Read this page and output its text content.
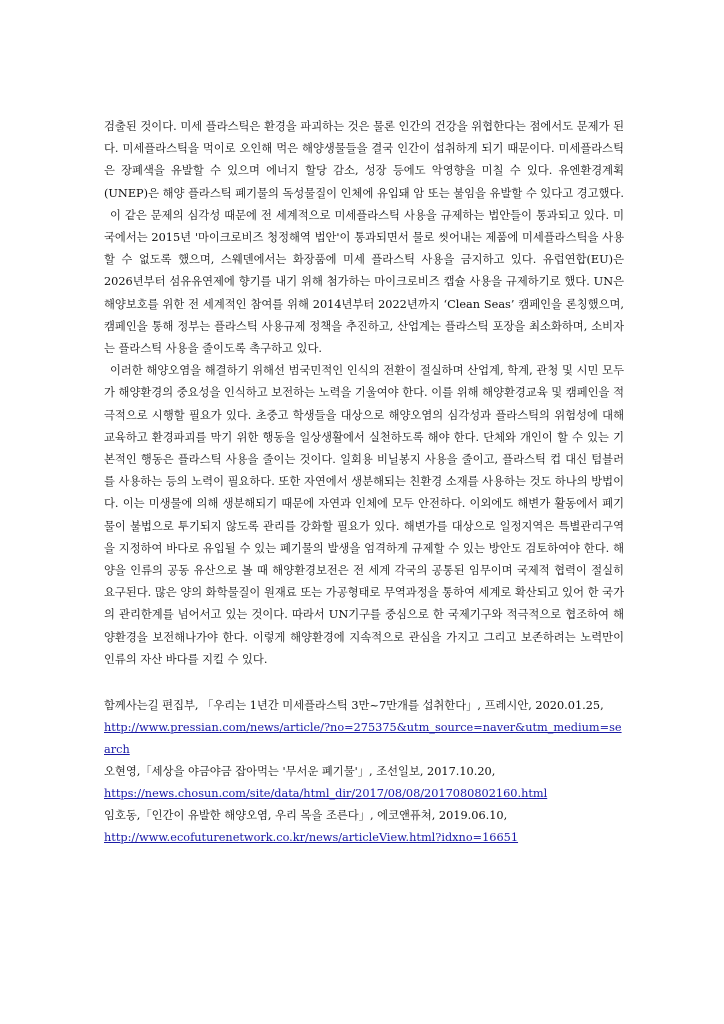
검출된 것이다. 미세 플라스틱은 환경을 파괴하는 것은 물론 인간의 건강을 위협한다는 점에서도 문제가 된다. 미세플라스틱을 먹이로 오인해 먹은 해양생물들을 결국 인간이 섭취하게 되기 때문이다. 미세플라스틱은 장폐색을 유발할 수 있으며 에너지 할당 감소, 성장 등에도 악영향을 미칠 수 있다. 유엔환경계획(UNEP)은 해양 플라스틱 폐기물의 독성물질이 인체에 유입돼 암 또는 불임을 유발할 수 있다고 경고했다.

이 같은 문제의 심각성 때문에 전 세계적으로 미세플라스틱 사용을 규제하는 법안들이 통과되고 있다. 미국에서는 2015년 '마이크로비즈 청정해역 법안'이 통과되면서 물로 씻어내는 제품에 미세플라스틱을 사용할 수 없도록 했으며, 스웨덴에서는 화장품에 미세 플라스틱 사용을 금지하고 있다. 유럽연합(EU)은 2026년부터 섬유유연제에 향기를 내기 위해 첨가하는 마이크로비즈 캡슐 사용을 규제하기로 했다. UN은 해양보호를 위한 전 세계적인 참여를 위해 2014년부터 2022년까지 ‘Clean Seas’ 캠페인을 론칭했으며, 캠페인을 통해 정부는 플라스틱 사용규제 정책을 추진하고, 산업계는 플라스틱 포장을 최소화하며, 소비자는 플라스틱 사용을 줄이도록 촉구하고 있다.

이러한 해양오염을 해결하기 위해선 범국민적인 인식의 전환이 절실하며 산업계, 학계, 관청 및 시민 모두가 해양환경의 중요성을 인식하고 보전하는 노력을 기울여야 한다. 이를 위해 해양환경교육 및 캠페인을 적극적으로 시행할 필요가 있다. 초중고 학생들을 대상으로 해양오염의 심각성과 플라스틱의 위험성에 대해 교육하고 환경파괴를 막기 위한 행동을 일상생활에서 실천하도록 해야 한다. 단체와 개인이 할 수 있는 기본적인 행동은 플라스틱 사용을 줄이는 것이다. 일회용 비닐봉지 사용을 줄이고, 플라스틱 컵 대신 텀블러를 사용하는 등의 노력이 필요하다. 또한 자연에서 생분해되는 친환경 소재를 사용하는 것도 하나의 방법이다. 이는 미생물에 의해 생분해되기 때문에 자연과 인체에 모두 안전하다. 이외에도 해변가 활동에서 폐기물이 불법으로 투기되지 않도록 관리를 강화할 필요가 있다. 해변가를 대상으로 일정지역은 특별관리구역을 지정하여 바다로 유입될 수 있는 폐기물의 발생을 엄격하게 규제할 수 있는 방안도 검토하여야 한다. 해양을 인류의 공동 유산으로 볼 때 해양환경보전은 전 세계 각국의 공통된 임무이며 국제적 협력이 절실히 요구된다. 많은 양의 화학물질이 원재료 또는 가공형태로 무역과정을 통하여 세계로 확산되고 있어 한 국가의 관리한계를 넘어서고 있는 것이다. 따라서 UN기구를 중심으로 한 국제기구와 적극적으로 협조하여 해양환경을 보전해나가야 한다. 이렇게 해양환경에 지속적으로 관심을 가지고 그리고 보존하려는 노력만이 인류의 자산 바다를 지킬 수 있다.

함께사는길 편집부, 「우리는 1년간 미세플라스틱 3만~7만개를 섭취한다」, 프레시안, 2020.01.25,
http://www.pressian.com/news/article/?no=275375&utm_source=naver&utm_medium=search
오현영,「세상을 야금야금 잡아먹는 '무서운 폐기물'」, 조선일보, 2017.10.20,
https://news.chosun.com/site/data/html_dir/2017/08/08/2017080802160.html
임호동,「인간이 유발한 해양오염, 우리 목을 조른다」, 에코앤퓨쳐, 2019.06.10,
http://www.ecofuturenetwork.co.kr/news/articleView.html?idxno=16651
